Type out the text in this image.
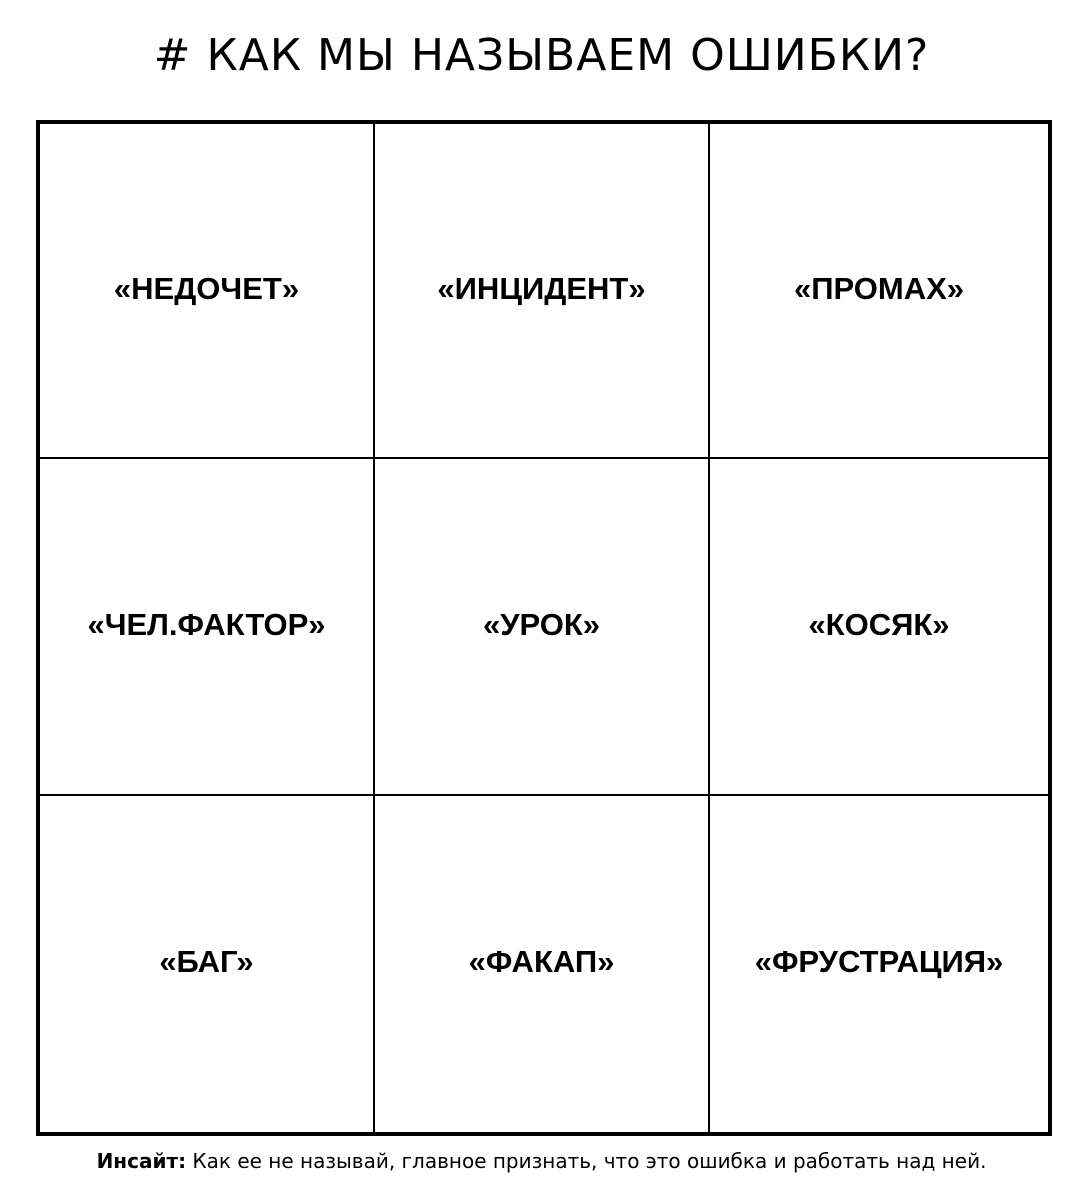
# КАК МЫ НАЗЫВАЕМ ОШИБКИ?
«НЕДОЧЕТ»	«ИНЦИДЕНТ»	«ПРОМАХ»
«ЧЕЛ.ФАКТОР»	«УРОК»	«КОСЯК»
«БАГ»	«ФАКАП»	«ФРУСТРАЦИЯ»
Инсайт: Как ее не называй, главное признать, что это ошибка и работать над ней.
